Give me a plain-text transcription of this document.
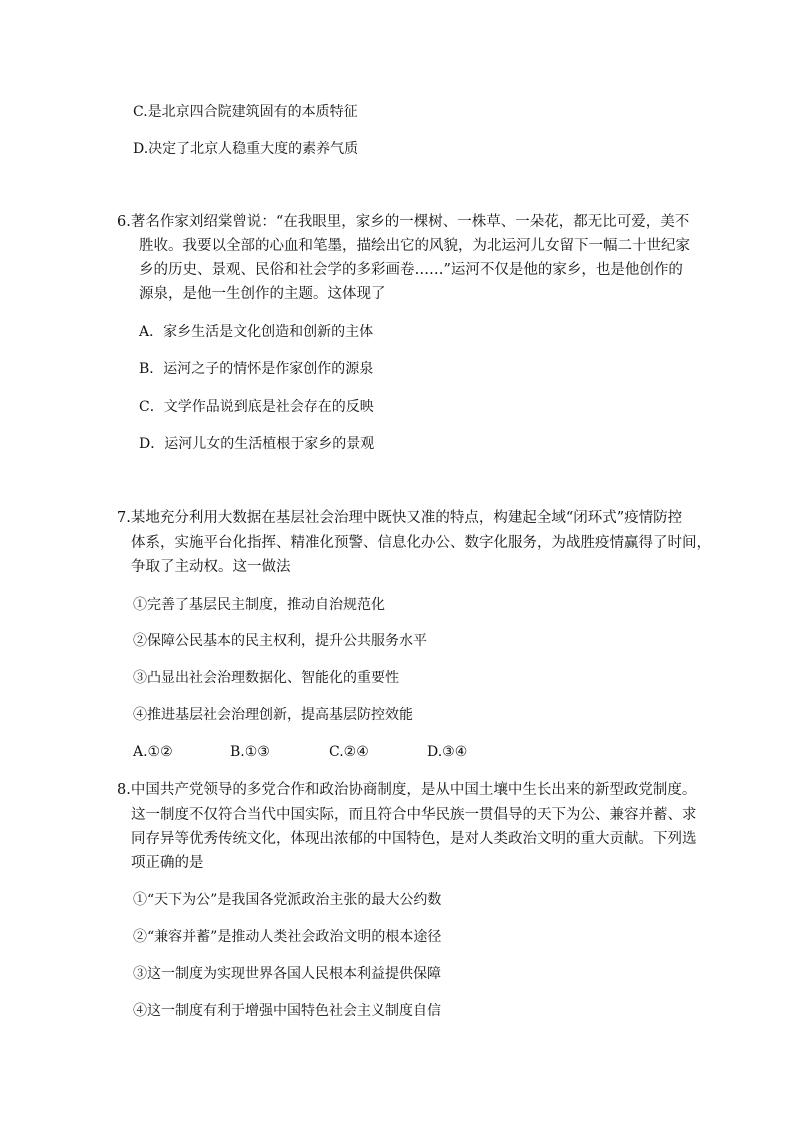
C.是北京四合院建筑固有的本质特征
D.决定了北京人稳重大度的素养气质
6.著名作家刘绍棠曾说：“在我眼里，家乡的一棵树、一株草、一朵花，都无比可爱，美不
胜收。我要以全部的心血和笔墨，描绘出它的风貌，为北运河儿女留下一幅二十世纪家
乡的历史、景观、民俗和社会学的多彩画卷……”运河不仅是他的家乡，也是他创作的
源泉，是他一生创作的主题。这体现了
A．家乡生活是文化创造和创新的主体
B．运河之子的情怀是作家创作的源泉
C．文学作品说到底是社会存在的反映
D．运河儿女的生活植根于家乡的景观
7.某地充分利用大数据在基层社会治理中既快又准的特点，构建起全域“闭环式”疫情防控
体系，实施平台化指挥、精准化预警、信息化办公、数字化服务，为战胜疫情赢得了时间，
争取了主动权。这一做法
①完善了基层民主制度，推动自治规范化
②保障公民基本的民主权利，提升公共服务水平
③凸显出社会治理数据化、智能化的重要性
④推进基层社会治理创新，提高基层防控效能
A.①②	B.①③	C.②④	D.③④
8.中国共产党领导的多党合作和政治协商制度，是从中国土壤中生长出来的新型政党制度。
这一制度不仅符合当代中国实际，而且符合中华民族一贯倡导的天下为公、兼容并蓄、求
同存异等优秀传统文化，体现出浓郁的中国特色，是对人类政治文明的重大贡献。下列选
项正确的是
①“天下为公”是我国各党派政治主张的最大公约数
②“兼容并蓄”是推动人类社会政治文明的根本途径
③这一制度为实现世界各国人民根本利益提供保障
④这一制度有利于增强中国特色社会主义制度自信
